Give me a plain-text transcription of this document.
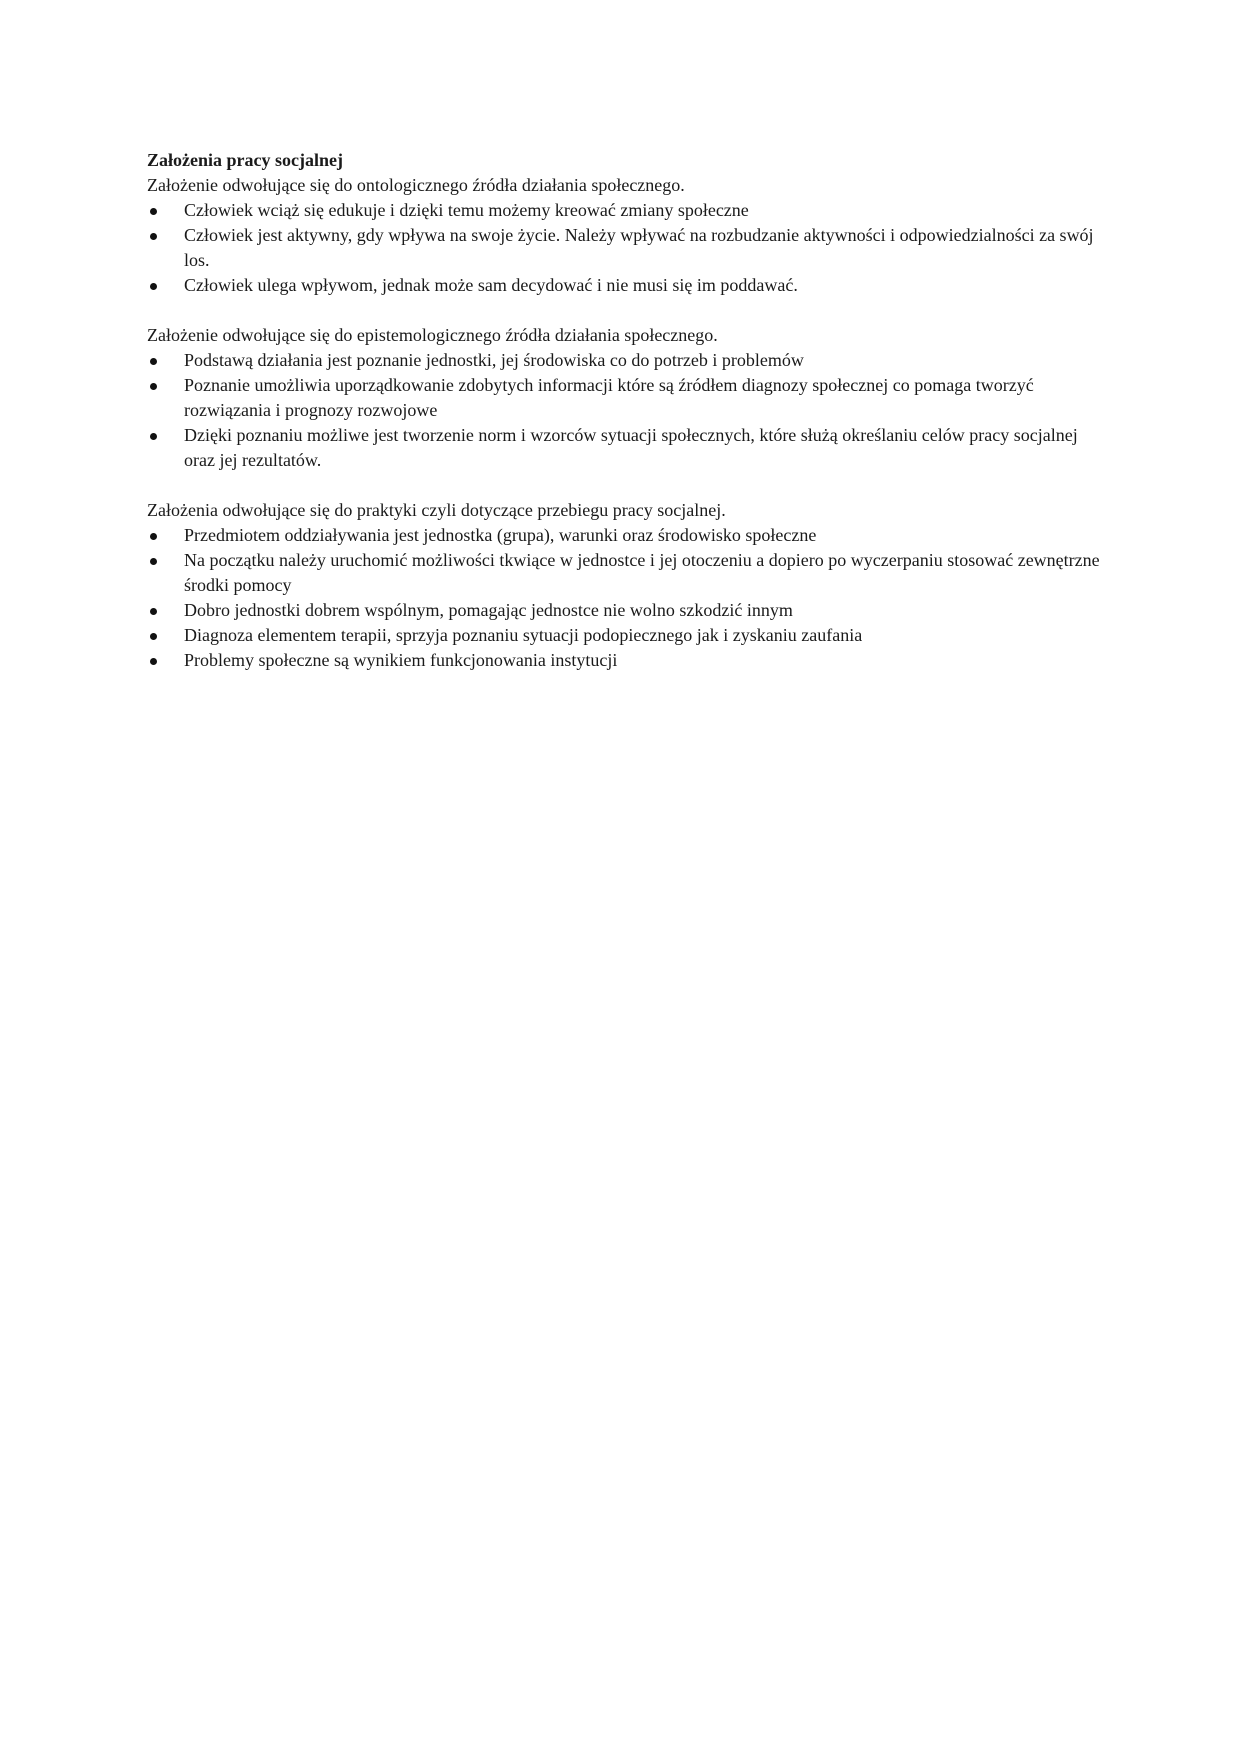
Założenia pracy socjalnej

Założenie odwołujące się do ontologicznego źródła działania społecznego.

Człowiek wciąż się edukuje i dzięki temu możemy kreować zmiany społeczne
Człowiek jest aktywny, gdy wpływa na swoje życie. Należy wpływać na rozbudzanie aktywności i odpowiedzialności za swój los.
Człowiek ulega wpływom, jednak może sam decydować i nie musi się im poddawać.

Założenie odwołujące się do epistemologicznego źródła działania społecznego.

Podstawą działania jest poznanie jednostki, jej środowiska co do potrzeb i problemów
Poznanie umożliwia uporządkowanie zdobytych informacji które są źródłem diagnozy społecznej co pomaga tworzyć rozwiązania i prognozy rozwojowe
Dzięki poznaniu możliwe jest tworzenie norm i wzorców sytuacji społecznych, które służą określaniu celów pracy socjalnej oraz jej rezultatów.

Założenia odwołujące się do praktyki czyli dotyczące przebiegu pracy socjalnej.

Przedmiotem oddziaływania jest jednostka (grupa), warunki oraz środowisko społeczne
Na początku należy uruchomić możliwości tkwiące w jednostce i jej otoczeniu a dopiero po wyczerpaniu stosować zewnętrzne środki pomocy
Dobro jednostki dobrem wspólnym, pomagając jednostce nie wolno szkodzić innym
Diagnoza elementem terapii, sprzyja poznaniu sytuacji podopiecznego jak i zyskaniu zaufania
Problemy społeczne są wynikiem funkcjonowania instytucji
